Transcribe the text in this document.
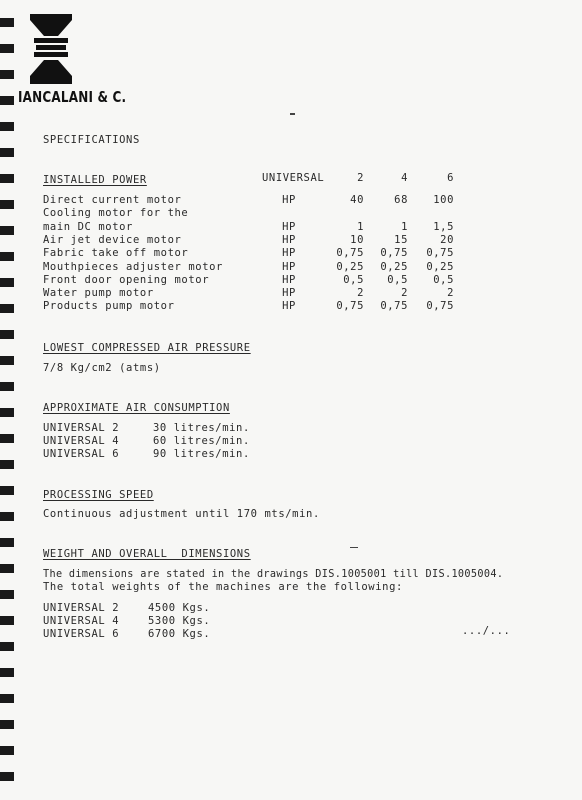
IANCALANI & C.
SPECIFICATIONS
INSTALLED POWER	UNIVERSAL	2	4	6
Direct current motor	HP	40	68	100
Cooling motor for the
main DC motor	HP	1	1	1,5
Air jet device motor	HP	10	15	20
Fabric take off motor	HP	0,75	0,75	0,75
Mouthpieces adjuster motor	HP	0,25	0,25	0,25
Front door opening motor	HP	0,5	0,5	0,5
Water pump motor	HP	2	2	2
Products pump motor	HP	0,75	0,75	0,75
LOWEST COMPRESSED AIR PRESSURE
7/8 Kg/cm2 (atms)
APPROXIMATE AIR CONSUMPTION
UNIVERSAL 2	30 litres/min.
UNIVERSAL 4	60 litres/min.
UNIVERSAL 6	90 litres/min.
PROCESSING SPEED
Continuous adjustment until 170 mts/min.
WEIGHT AND OVERALL  DIMENSIONS
The dimensions are stated in the drawings DIS.1005001 till DIS.1005004.
The total weights of the machines are the following:
UNIVERSAL 2	4500 Kgs.
UNIVERSAL 4	5300 Kgs.
UNIVERSAL 6	6700 Kgs.	.../...
